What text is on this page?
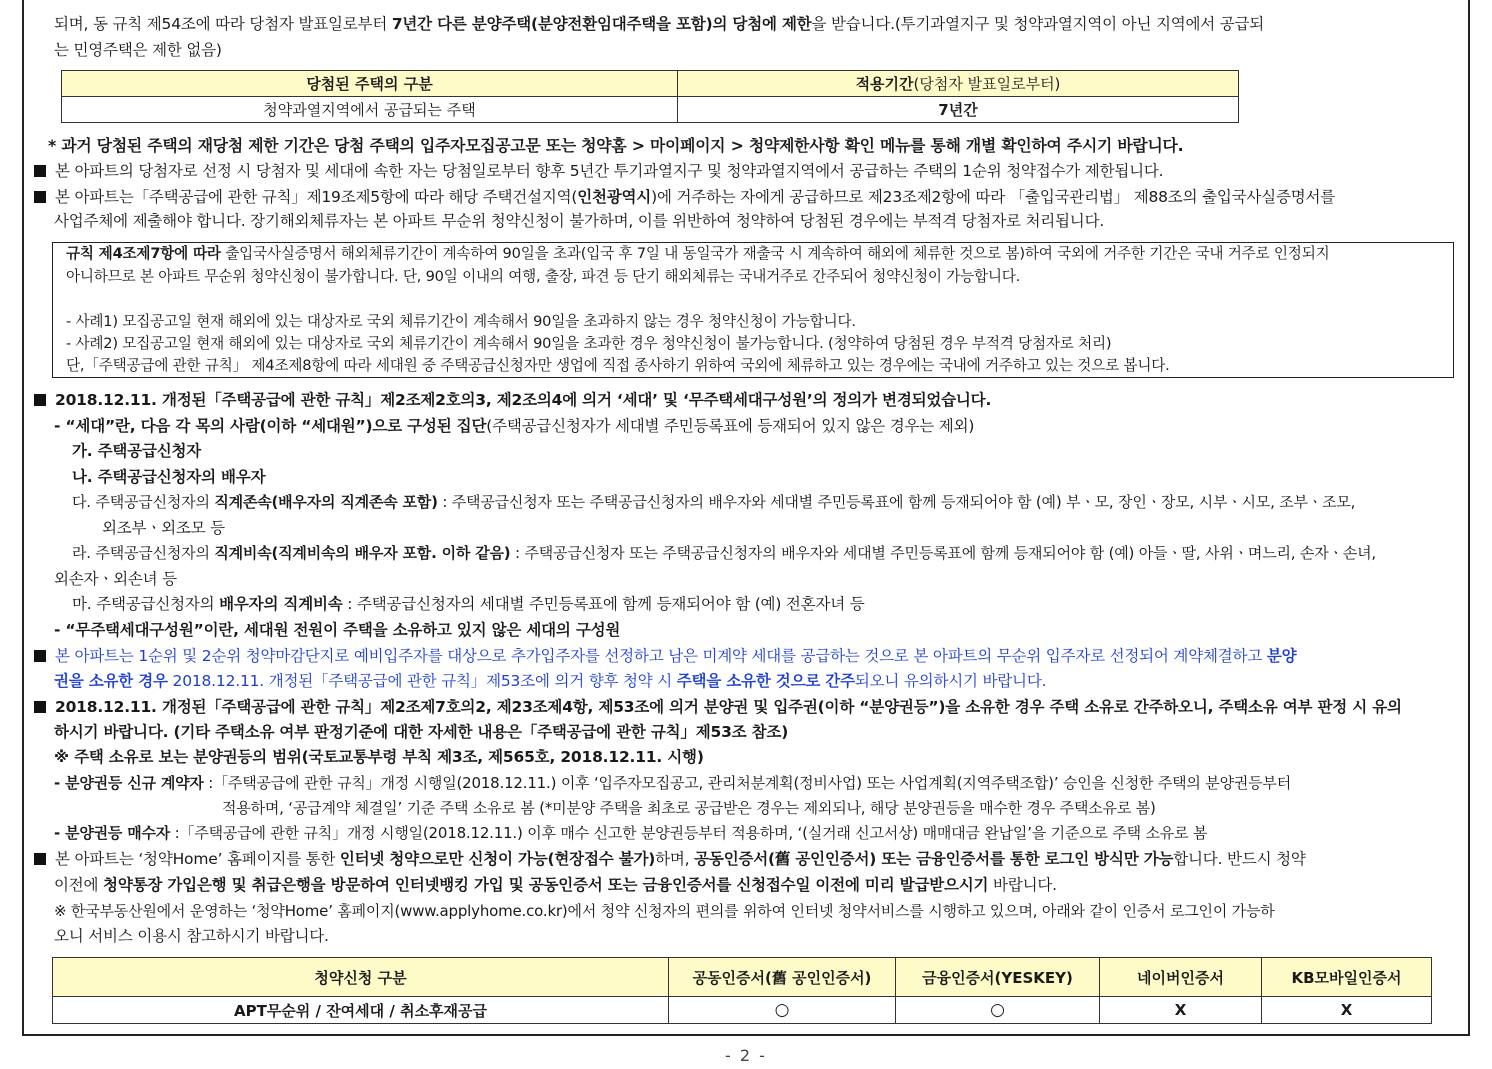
되며, 동 규칙 제54조에 따라 당첨자 발표일로부터 7년간 다른 분양주택(분양전환임대주택을 포함)의 당첨에 제한을 받습니다.(투기과열지구 및 청약과열지역이 아닌 지역에서 공급되
는 민영주택은 제한 없음)
당첨된 주택의 구분	적용기간(당첨자 발표일로부터)
청약과열지역에서 공급되는 주택	7년간
* 과거 당첨된 주택의 재당첨 제한 기간은 당첨 주택의 입주자모집공고문 또는 청약홈 > 마이페이지 > 청약제한사항 확인 메뉴를 통해 개별 확인하여 주시기 바랍니다.
본 아파트의 당첨자로 선정 시 당첨자 및 세대에 속한 자는 당첨일로부터 향후 5년간 투기과열지구 및 청약과열지역에서 공급하는 주택의 1순위 청약접수가 제한됩니다.
본 아파트는「주택공급에 관한 규칙」제19조제5항에 따라 해당 주택건설지역(인천광역시)에 거주하는 자에게 공급하므로 제23조제2항에 따라 「출입국관리법」 제88조의 출입국사실증명서를
사업주체에 제출해야 합니다. 장기해외체류자는 본 아파트 무순위 청약신청이 불가하며, 이를 위반하여 청약하여 당첨된 경우에는 부적격 당첨자로 처리됩니다.
규칙 제4조제7항에 따라 출입국사실증명서 해외체류기간이 계속하여 90일을 초과(입국 후 7일 내 동일국가 재출국 시 계속하여 해외에 체류한 것으로 봄)하여 국외에 거주한 기간은 국내 거주로 인정되지
아니하므로 본 아파트 무순위 청약신청이 불가합니다. 단, 90일 이내의 여행, 출장, 파견 등 단기 해외체류는 국내거주로 간주되어 청약신청이 가능합니다.
- 사례1) 모집공고일 현재 해외에 있는 대상자로 국외 체류기간이 계속해서 90일을 초과하지 않는 경우 청약신청이 가능합니다.
- 사례2) 모집공고일 현재 해외에 있는 대상자로 국외 체류기간이 계속해서 90일을 초과한 경우 청약신청이 불가능합니다. (청약하여 당첨된 경우 부적격 당첨자로 처리)
단,「주택공급에 관한 규칙」 제4조제8항에 따라 세대원 중 주택공급신청자만 생업에 직접 종사하기 위하여 국외에 체류하고 있는 경우에는 국내에 거주하고 있는 것으로 봅니다.
2018.12.11. 개정된「주택공급에 관한 규칙」제2조제2호의3, 제2조의4에 의거 ‘세대’ 및 ‘무주택세대구성원’의 정의가 변경되었습니다.
- “세대”란, 다음 각 목의 사람(이하 “세대원”)으로 구성된 집단(주택공급신청자가 세대별 주민등록표에 등재되어 있지 않은 경우는 제외)
가. 주택공급신청자
나. 주택공급신청자의 배우자
다. 주택공급신청자의 직계존속(배우자의 직계존속 포함) : 주택공급신청자 또는 주택공급신청자의 배우자와 세대별 주민등록표에 함께 등재되어야 함 (예) 부ㆍ모, 장인ㆍ장모, 시부ㆍ시모, 조부ㆍ조모,
외조부ㆍ외조모 등
라. 주택공급신청자의 직계비속(직계비속의 배우자 포함. 이하 같음) : 주택공급신청자 또는 주택공급신청자의 배우자와 세대별 주민등록표에 함께 등재되어야 함 (예) 아들ㆍ딸, 사위ㆍ며느리, 손자ㆍ손녀,
외손자ㆍ외손녀 등
마. 주택공급신청자의 배우자의 직계비속 : 주택공급신청자의 세대별 주민등록표에 함께 등재되어야 함 (예) 전혼자녀 등
- “무주택세대구성원”이란, 세대원 전원이 주택을 소유하고 있지 않은 세대의 구성원
본 아파트는 1순위 및 2순위 청약마감단지로 예비입주자를 대상으로 추가입주자를 선정하고 남은 미계약 세대를 공급하는 것으로 본 아파트의 무순위 입주자로 선정되어 계약체결하고 분양
권을 소유한 경우 2018.12.11. 개정된「주택공급에 관한 규칙」제53조에 의거 향후 청약 시 주택을 소유한 것으로 간주되오니 유의하시기 바랍니다.
2018.12.11. 개정된「주택공급에 관한 규칙」제2조제7호의2, 제23조제4항, 제53조에 의거 분양권 및 입주권(이하 “분양권등”)을 소유한 경우 주택 소유로 간주하오니, 주택소유 여부 판정 시 유의
하시기 바랍니다. (기타 주택소유 여부 판정기준에 대한 자세한 내용은「주택공급에 관한 규칙」제53조 참조)
※ 주택 소유로 보는 분양권등의 범위(국토교통부령 부칙 제3조, 제565호, 2018.12.11. 시행)
- 분양권등 신규 계약자 :「주택공급에 관한 규칙」개정 시행일(2018.12.11.) 이후 ‘입주자모집공고, 관리처분계획(정비사업) 또는 사업계획(지역주택조합)’ 승인을 신청한 주택의 분양권등부터
적용하며, ‘공급계약 체결일’ 기준 주택 소유로 봄 (*미분양 주택을 최초로 공급받은 경우는 제외되나, 해당 분양권등을 매수한 경우 주택소유로 봄)
- 분양권등 매수자 :「주택공급에 관한 규칙」개정 시행일(2018.12.11.) 이후 매수 신고한 분양권등부터 적용하며, ‘(실거래 신고서상) 매매대금 완납일’을 기준으로 주택 소유로 봄
본 아파트는 ‘청약Home’ 홈페이지를 통한 인터넷 청약으로만 신청이 가능(현장접수 불가)하며, 공동인증서(舊 공인인증서) 또는 금융인증서를 통한 로그인 방식만 가능합니다. 반드시 청약
이전에 청약통장 가입은행 및 취급은행을 방문하여 인터넷뱅킹 가입 및 공동인증서 또는 금융인증서를 신청접수일 이전에 미리 발급받으시기 바랍니다.
※ 한국부동산원에서 운영하는 ‘청약Home’ 홈페이지(www.applyhome.co.kr)에서 청약 신청자의 편의를 위하여 인터넷 청약서비스를 시행하고 있으며, 아래와 같이 인증서 로그인이 가능하
오니 서비스 이용시 참고하시기 바랍니다.
청약신청 구분	공동인증서(舊 공인인증서)	금융인증서(YESKEY)	네이버인증서	KB모바일인증서
APT무순위 / 잔여세대 / 취소후재공급	○	○	X	X
- 2 -
